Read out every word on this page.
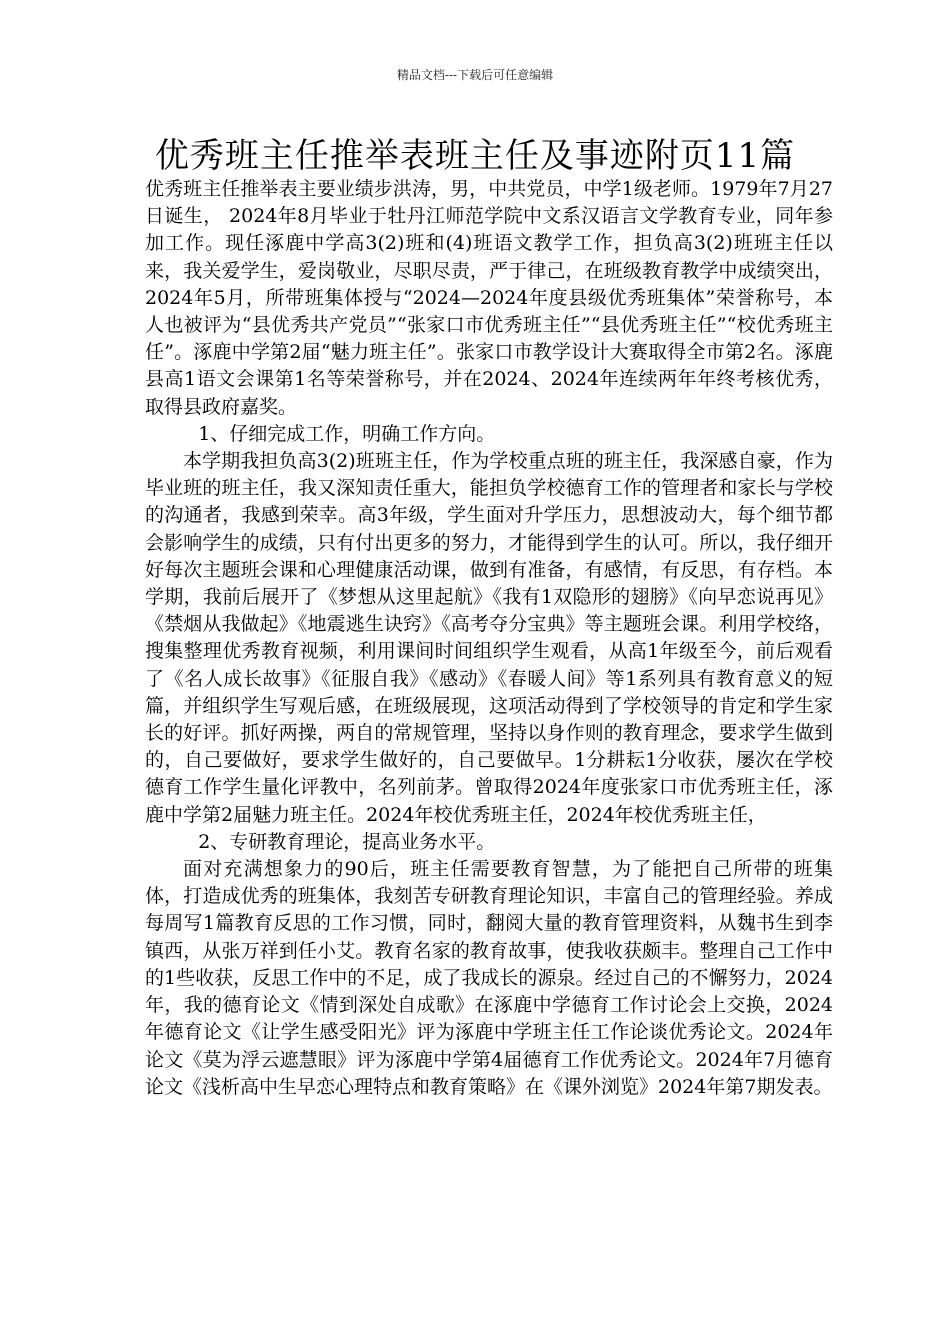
精品文档---下载后可任意编辑
优秀班主任推举表班主任及事迹附页11篇

优秀班主任推举表主要业绩步洪涛，男，中共党员，中学1级老师。1979年7月27日诞生， 2024年8月毕业于牡丹江师范学院中文系汉语言文学教育专业，同年参加工作。现任涿鹿中学高3(2)班和(4)班语文教学工作，担负高3(2)班班主任以来，我关爱学生，爱岗敬业，尽职尽责，严于律己，在班级教育教学中成绩突出，2024年5月，所带班集体授与“2024—2024年度县级优秀班集体”荣誉称号，本人也被评为“县优秀共产党员”“张家口市优秀班主任”“县优秀班主任”“校优秀班主任”。涿鹿中学第2届“魅力班主任”。张家口市教学设计大赛取得全市第2名。涿鹿县高1语文会课第1名等荣誉称号，并在2024、2024年连续两年年终考核优秀，取得县政府嘉奖。

1、仔细完成工作，明确工作方向。

本学期我担负高3(2)班班主任，作为学校重点班的班主任，我深感自豪，作为毕业班的班主任，我又深知责任重大，能担负学校德育工作的管理者和家长与学校的沟通者，我感到荣幸。高3年级，学生面对升学压力，思想波动大，每个细节都会影响学生的成绩，只有付出更多的努力，才能得到学生的认可。所以，我仔细开好每次主题班会课和心理健康活动课，做到有准备，有感情，有反思，有存档。本学期，我前后展开了《梦想从这里起航》《我有1双隐形的翅膀》《向早恋说再见》《禁烟从我做起》《地震逃生诀窍》《高考夺分宝典》等主题班会课。利用学校络，搜集整理优秀教育视频，利用课间时间组织学生观看，从高1年级至今，前后观看了《名人成长故事》《征服自我》《感动》《春暖人间》等1系列具有教育意义的短篇，并组织学生写观后感，在班级展现，这项活动得到了学校领导的肯定和学生家长的好评。抓好两操，两自的常规管理，坚持以身作则的教育理念，要求学生做到的，自己要做好，要求学生做好的，自己要做早。1分耕耘1分收获，屡次在学校德育工作学生量化评教中，名列前茅。曾取得2024年度张家口市优秀班主任，涿鹿中学第2届魅力班主任。2024年校优秀班主任，2024年校优秀班主任，

2、专研教育理论，提高业务水平。

面对充满想象力的90后，班主任需要教育智慧，为了能把自己所带的班集体，打造成优秀的班集体，我刻苦专研教育理论知识，丰富自己的管理经验。养成每周写1篇教育反思的工作习惯，同时，翻阅大量的教育管理资料，从魏书生到李镇西，从张万祥到任小艾。教育名家的教育故事，使我收获颇丰。整理自己工作中的1些收获，反思工作中的不足，成了我成长的源泉。经过自己的不懈努力，2024年，我的德育论文《情到深处自成歌》在涿鹿中学德育工作讨论会上交换，2024年德育论文《让学生感受阳光》评为涿鹿中学班主任工作论谈优秀论文。2024年论文《莫为浮云遮慧眼》评为涿鹿中学第4届德育工作优秀论文。2024年7月德育论文《浅析高中生早恋心理特点和教育策略》在《课外浏览》2024年第7期发表。
